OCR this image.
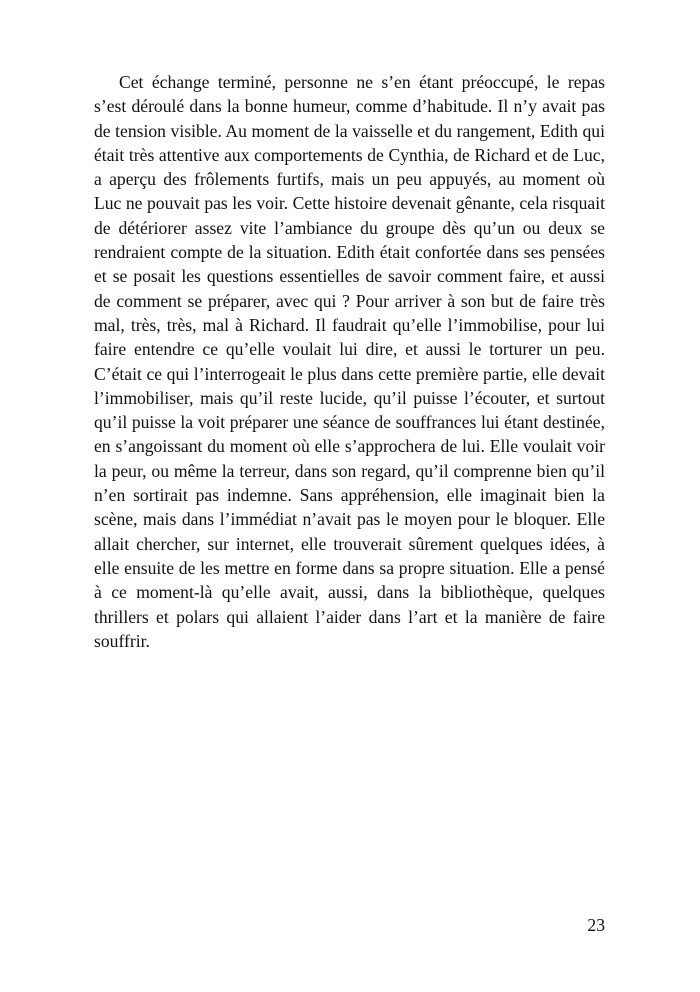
Cet échange terminé, personne ne s’en étant préoccupé, le repas s’est déroulé dans la bonne humeur, comme d’habitude. Il n’y avait pas de tension visible. Au moment de la vaisselle et du rangement, Edith qui était très attentive aux comportements de Cynthia, de Richard et de Luc, a aperçu des frôlements furtifs, mais un peu appuyés, au moment où Luc ne pouvait pas les voir. Cette histoire devenait gênante, cela risquait de détériorer assez vite l’ambiance du groupe dès qu’un ou deux se rendraient compte de la situation. Edith était confortée dans ses pensées et se posait les questions essentielles de savoir comment faire, et aussi de comment se préparer, avec qui ? Pour arriver à son but de faire très mal, très, très, mal à Richard. Il faudrait qu’elle l’immobilise, pour lui faire entendre ce qu’elle voulait lui dire, et aussi le torturer un peu. C’était ce qui l’interrogeait le plus dans cette première partie, elle devait l’immobiliser, mais qu’il reste lucide, qu’il puisse l’écouter, et surtout qu’il puisse la voit préparer une séance de souffrances lui étant destinée, en s’angoissant du moment où elle s’approchera de lui. Elle voulait voir la peur, ou même la terreur, dans son regard, qu’il comprenne bien qu’il n’en sortirait pas indemne. Sans appréhension, elle imaginait bien la scène, mais dans l’immédiat n’avait pas le moyen pour le bloquer. Elle allait chercher, sur internet, elle trouverait sûrement quelques idées, à elle ensuite de les mettre en forme dans sa propre situation. Elle a pensé à ce moment-là qu’elle avait, aussi, dans la bibliothèque, quelques thrillers et polars qui allaient l’aider dans l’art et la manière de faire souffrir.

23
